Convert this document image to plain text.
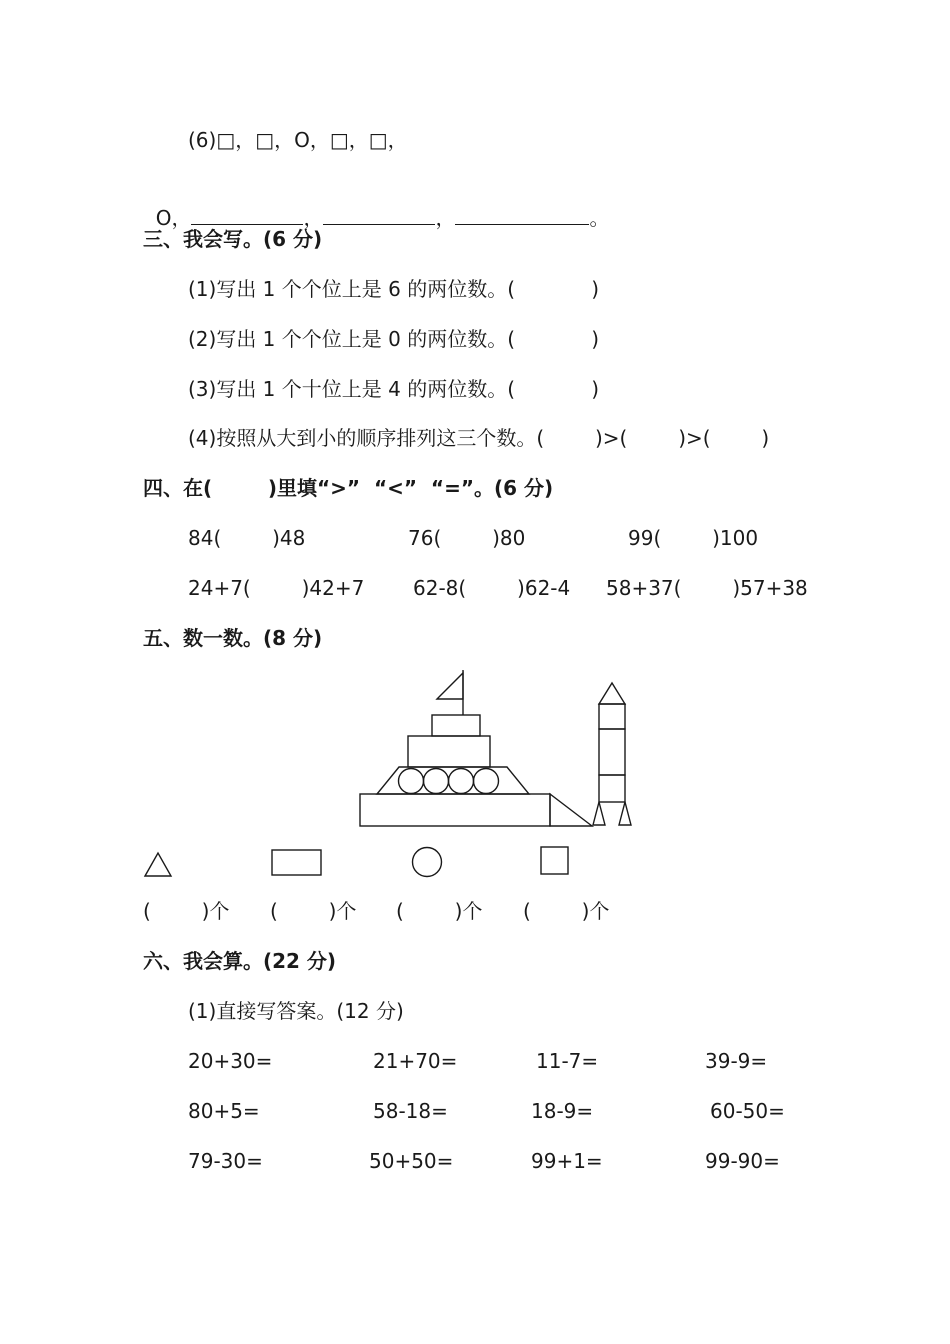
(6)□，□，O，□，□，

O，	，	，	。

三、我会写。(6 分)
(1)写出 1 个个位上是 6 的两位数。(            )
(2)写出 1 个个位上是 0 的两位数。(            )
(3)写出 1 个十位上是 4 的两位数。(            )
(4)按照从大到小的顺序排列这三个数。(        )>(        )>(        )
四、在(        )里填“>”  “<”  “=”。(6 分)
84(        )48	76(        )80	99(        )100
24+7(        )42+7 62-8(        )62-4 58+37(        )57+38
五、数一数。(8 分)
(        )个 (        )个 (        )个 (        )个
六、我会算。(22 分)
(1)直接写答案。(12 分)
20+30=	21+70=	11-7=	39-9=
80+5=	58-18=	18-9=	60-50=
79-30=	50+50=	99+1=	99-90=
